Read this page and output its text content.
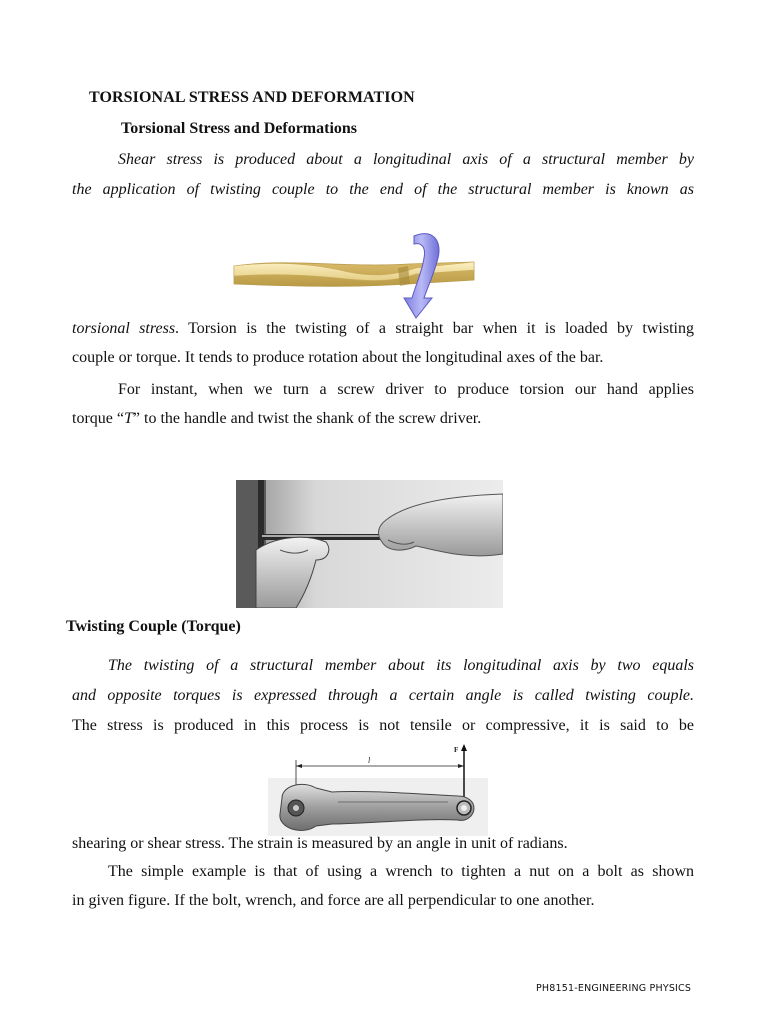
TORSIONAL STRESS AND DEFORMATION
Torsional Stress and Deformations
Shear stress is produced about a longitudinal axis of a structural member by
the application of twisting couple to the end of the structural member is known as
torsional stress. Torsion is the twisting of a straight bar when it is loaded by twisting
couple or torque. It tends to produce rotation about the longitudinal axes of the bar.
For instant, when we turn a screw driver to produce torsion our hand applies
torque “T” to the handle and twist the shank of the screw driver.
Twisting Couple (Torque)
The twisting of a structural member about its longitudinal axis by two equals
and opposite torques is expressed through a certain angle is called twisting couple.
The stress is produced in this process is not tensile or compressive, it is said to be
l
F
shearing or shear stress. The strain is measured by an angle in unit of radians.
The simple example is that of using a wrench to tighten a nut on a bolt as shown
in given figure. If the bolt, wrench, and force are all perpendicular to one another.
PH8151-ENGINEERING PHYSICS
